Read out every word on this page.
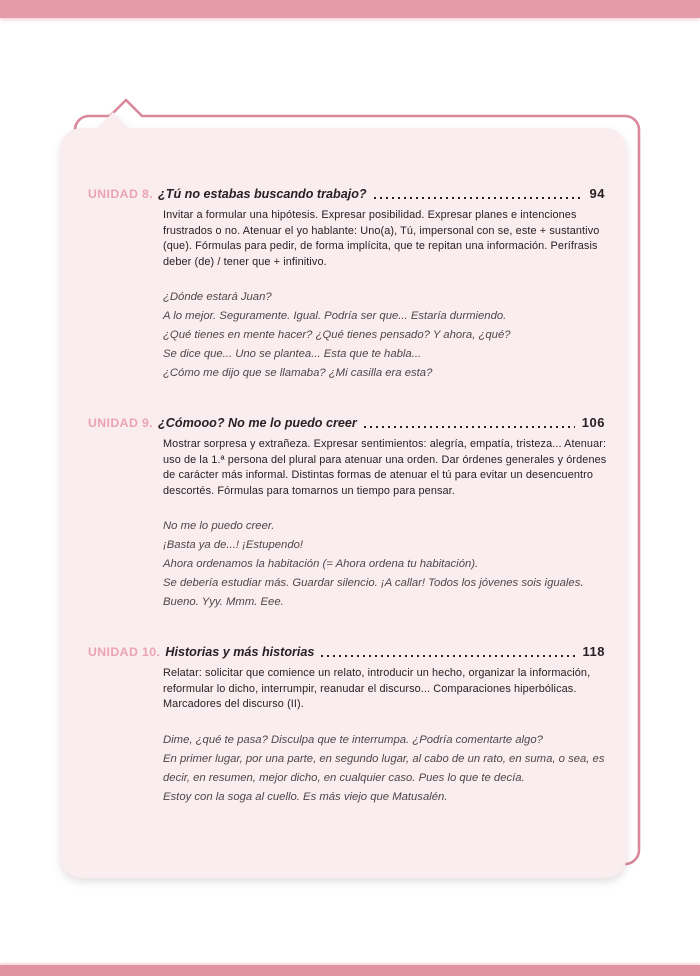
UNIDAD 8. ¿Tú no estabas buscando trabajo?	94
Invitar a formular una hipótesis. Expresar posibilidad. Expresar planes e intenciones frustrados o no. Atenuar el yo hablante: Uno(a), Tú, impersonal con se, este + sustantivo (que). Fórmulas para pedir, de forma implícita, que te repitan una información. Perífrasis deber (de) / tener que + infinitivo.
¿Dónde estará Juan?
A lo mejor. Seguramente. Igual. Podría ser que... Estaría durmiendo.
¿Qué tienes en mente hacer? ¿Qué tienes pensado? Y ahora, ¿qué?
Se dice que... Uno se plantea... Esta que te habla...
¿Cómo me dijo que se llamaba? ¿Mi casilla era esta?
UNIDAD 9. ¿Cómooo? No me lo puedo creer	106
Mostrar sorpresa y extrañeza. Expresar sentimientos: alegría, empatía, tristeza... Atenuar: uso de la 1.ª persona del plural para atenuar una orden. Dar órdenes generales y órdenes de carácter más informal. Distintas formas de atenuar el tú para evitar un desencuentro descortés. Fórmulas para tomarnos un tiempo para pensar.
No me lo puedo creer.
¡Basta ya de...! ¡Estupendo!
Ahora ordenamos la habitación (= Ahora ordena tu habitación).
Se debería estudiar más. Guardar silencio. ¡A callar! Todos los jóvenes sois iguales.
Bueno. Yyy. Mmm. Eee.
UNIDAD 10. Historias y más historias	118
Relatar: solicitar que comience un relato, introducir un hecho, organizar la información, reformular lo dicho, interrumpir, reanudar el discurso... Comparaciones hiperbólicas. Marcadores del discurso (II).
Dime, ¿qué te pasa? Disculpa que te interrumpa. ¿Podría comentarte algo?
En primer lugar, por una parte, en segundo lugar, al cabo de un rato, en suma, o sea, es decir, en resumen, mejor dicho, en cualquier caso. Pues lo que te decía.
Estoy con la soga al cuello. Es más viejo que Matusalén.
